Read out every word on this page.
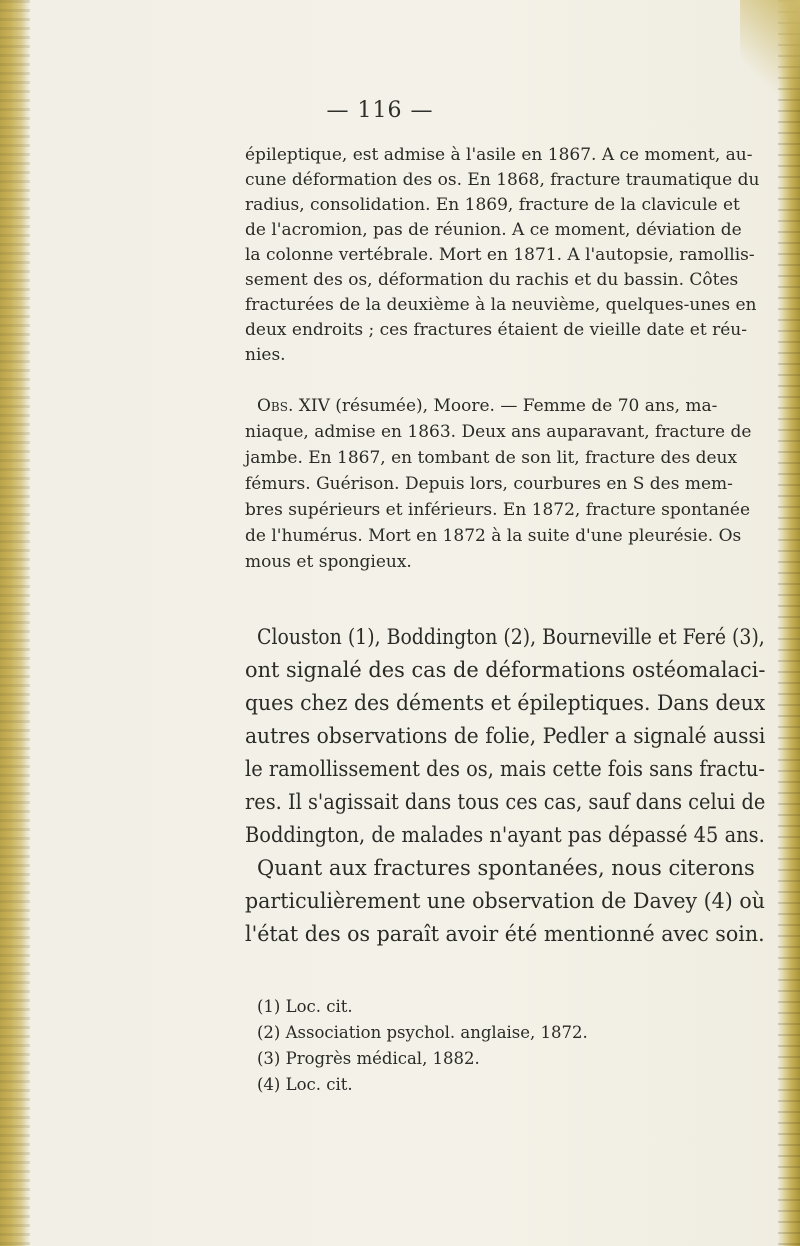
— 116 —
épileptique, est admise à l'asile en 1867. A ce moment, au-
cune déformation des os. En 1868, fracture traumatique du
radius, consolidation. En 1869, fracture de la clavicule et
de l'acromion, pas de réunion. A ce moment, déviation de
la colonne vertébrale. Mort en 1871. A l'autopsie, ramollis-
sement des os, déformation du rachis et du bassin. Côtes
fracturées de la deuxième à la neuvième, quelques-unes en
deux endroits ; ces fractures étaient de vieille date et réu-
nies.
Obs. XIV (résumée), Moore. — Femme de 70 ans, ma-
niaque, admise en 1863. Deux ans auparavant, fracture de
jambe. En 1867, en tombant de son lit, fracture des deux
fémurs. Guérison. Depuis lors, courbures en S des mem-
bres supérieurs et inférieurs. En 1872, fracture spontanée
de l'humérus. Mort en 1872 à la suite d'une pleurésie. Os
mous et spongieux.
Clouston (1), Boddington (2), Bourneville et Feré (3),
ont signalé des cas de déformations ostéomalaci-
ques chez des déments et épileptiques. Dans deux
autres observations de folie, Pedler a signalé aussi
le ramollissement des os, mais cette fois sans fractu-
res. Il s'agissait dans tous ces cas, sauf dans celui de
Boddington, de malades n'ayant pas dépassé 45 ans.
Quant aux fractures spontanées, nous citerons
particulièrement une observation de Davey (4) où
l'état des os paraît avoir été mentionné avec soin.
(1) Loc. cit.
(2) Association psychol. anglaise, 1872.
(3) Progrès médical, 1882.
(4) Loc. cit.
